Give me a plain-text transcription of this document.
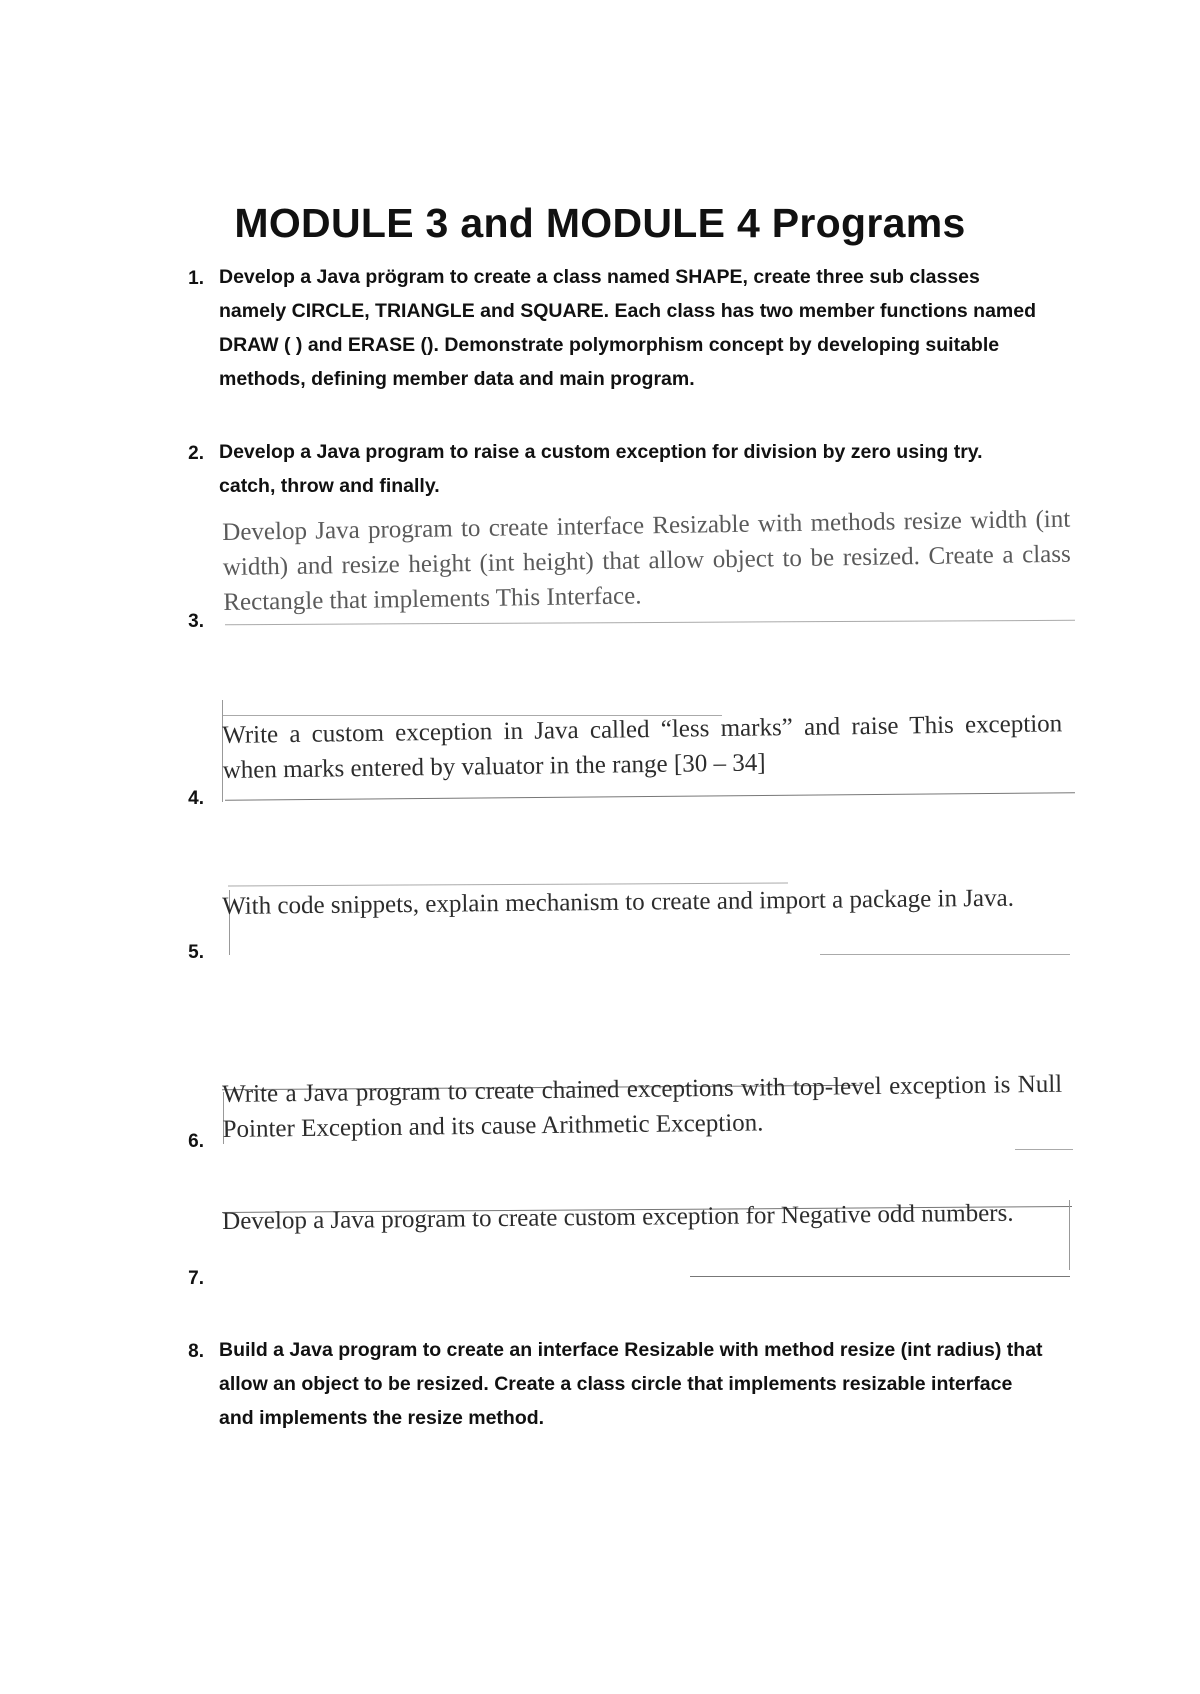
MODULE 3 and MODULE 4 Programs
1. Develop a Java prögram to create a class named SHAPE, create three sub classes namely CIRCLE, TRIANGLE and SQUARE. Each class has two member functions named DRAW ( ) and ERASE (). Demonstrate polymorphism concept by developing suitable methods, defining member data and main program.
2. Develop a Java program to raise a custom exception for division by zero using try. catch, throw and finally.
3.
Develop Java program to create interface Resizable with methods resize width (int width) and resize height (int height) that allow object to be resized. Create a class Rectangle that implements This Interface.
4.
Write a custom exception in Java called “less marks” and raise This exception when marks entered by valuator in the range [30 – 34]
5.
With code snippets, explain mechanism to create and import a package in Java.
6.
Write a Java program to create chained exceptions with top-level exception is Null Pointer Exception and its cause Arithmetic Exception.
7.
Develop a Java program to create custom exception for Negative odd numbers.
8. Build a Java program to create an interface Resizable with method resize (int radius) that allow an object to be resized. Create a class circle that implements resizable interface and implements the resize method.
